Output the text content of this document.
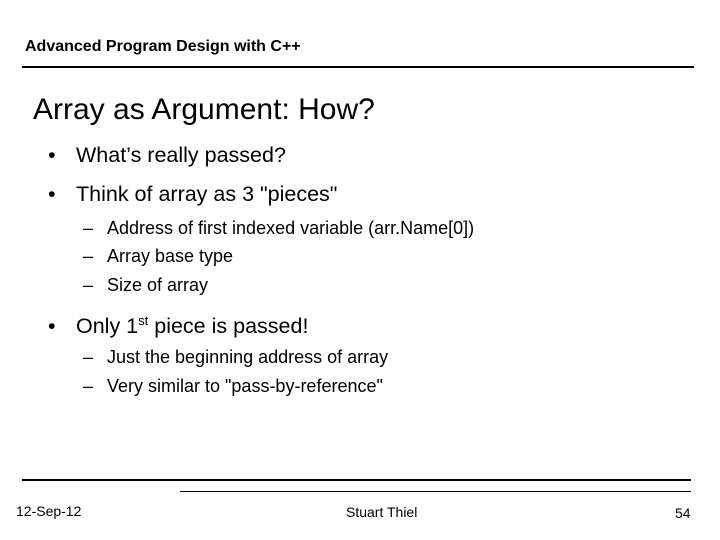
Advanced Program Design with C++
Array as Argument: How?
• What’s really passed?
• Think of array as 3 "pieces"
– Address of first indexed variable (arr.Name[0])
– Array base type
– Size of array
• Only 1st piece is passed!
– Just the beginning address of array
– Very similar to "pass-by-reference"
12-Sep-12	Stuart Thiel	54
